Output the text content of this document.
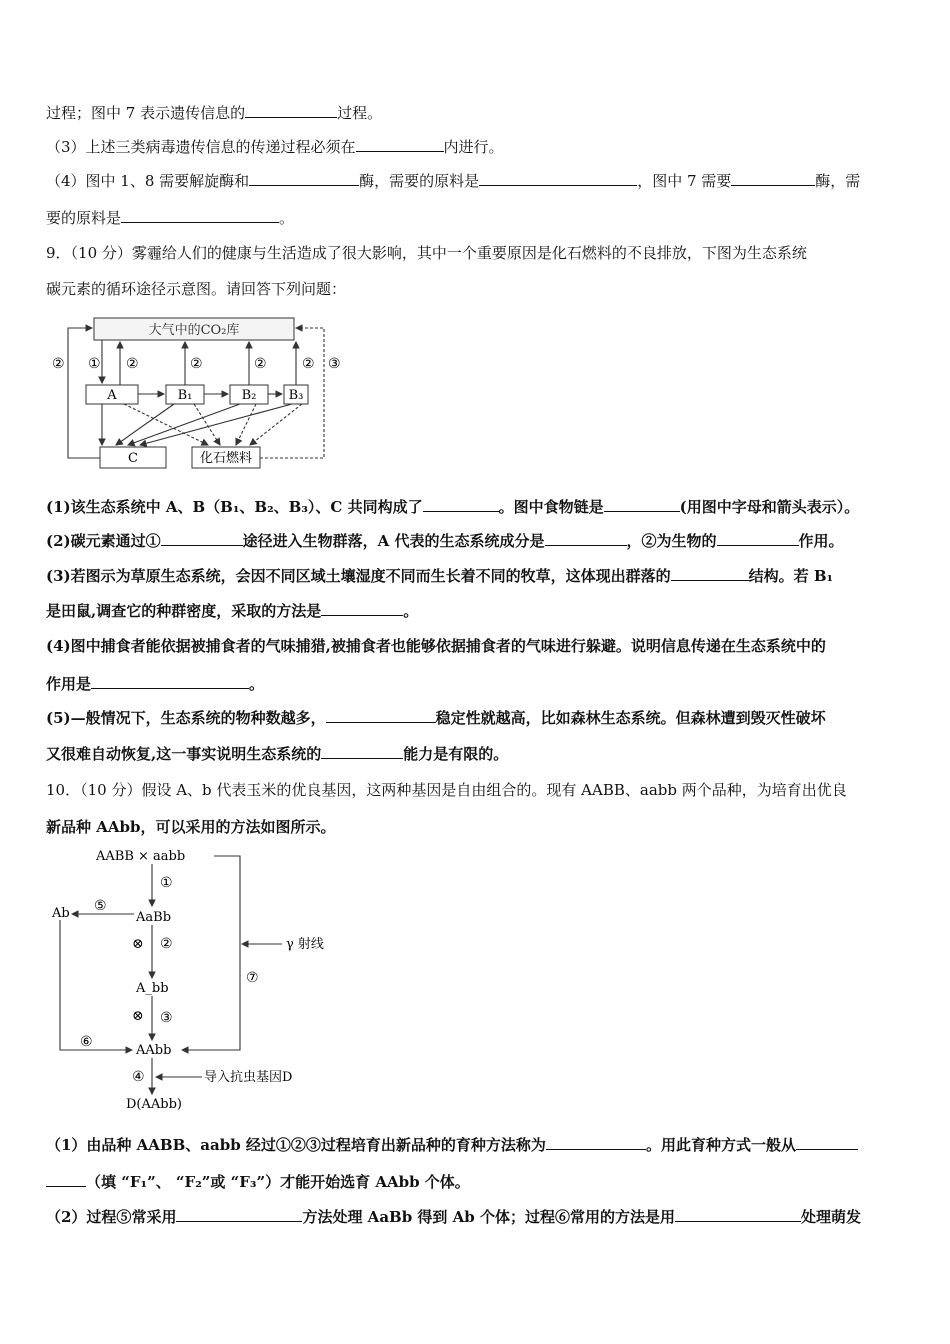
过程；图中 7 表示遗传信息的	过程。
（3）上述三类病毒遗传信息的传递过程必须在	内进行。
（4）图中 1、8 需要解旋酶和	酶，需要的原料是	，图中 7 需要	酶，需
要的原料是	。
9．（10 分）雾霾给人们的健康与生活造成了很大影响，其中一个重要原因是化石燃料的不良排放，下图为生态系统
碳元素的循环途径示意图。请回答下列问题：
大气中的CO₂库
A	B₁	B₂ B₃
C	化石燃料
② ① ②	②	②	② ③
(1)该生态系统中 A、B（B₁、B₂、B₃）、C 共同构成了	。图中食物链是	(用图中字母和箭头表示）。
(2)碳元素通过①	途径进入生物群落，A 代表的生态系统成分是	，②为生物的	作用。
(3)若图示为草原生态系统，会因不同区域土壤湿度不同而生长着不同的牧草，这体现出群落的	结构。若 B₁
是田鼠,调查它的种群密度，采取的方法是	。
(4)图中捕食者能依据被捕食者的气味捕猎,被捕食者也能够依据捕食者的气味进行躲避。说明信息传递在生态系统中的
作用是	。
(5)—般情况下，生态系统的物种数越多，	稳定性就越高，比如森林生态系统。但森林遭到毁灭性破坏
又很难自动恢复,这一事实说明生态系统的	能力是有限的。
10．（10 分）假设 A、b 代表玉米的优良基因，这两种基因是自由组合的。现有 AABB、aabb 两个品种，为培育出优良
新品种 AAbb，可以采用的方法如图所示。
AABB × aabb
AaBb
Ab
A_bb
AAbb
D(AAbb)
γ 射线
导入抗虫基因D
①
⊗ ②
⊗ ③
④
⑤
⑥
⑦
（1）由品种 AABB、aabb 经过①②③过程培育出新品种的育种方法称为	。用此育种方式一般从
（填 “F₁”、 “F₂”或 “F₃”）才能开始选育 AAbb 个体。
（2）过程⑤常采用	方法处理 AaBb 得到 Ab 个体；过程⑥常用的方法是用	处理萌发
